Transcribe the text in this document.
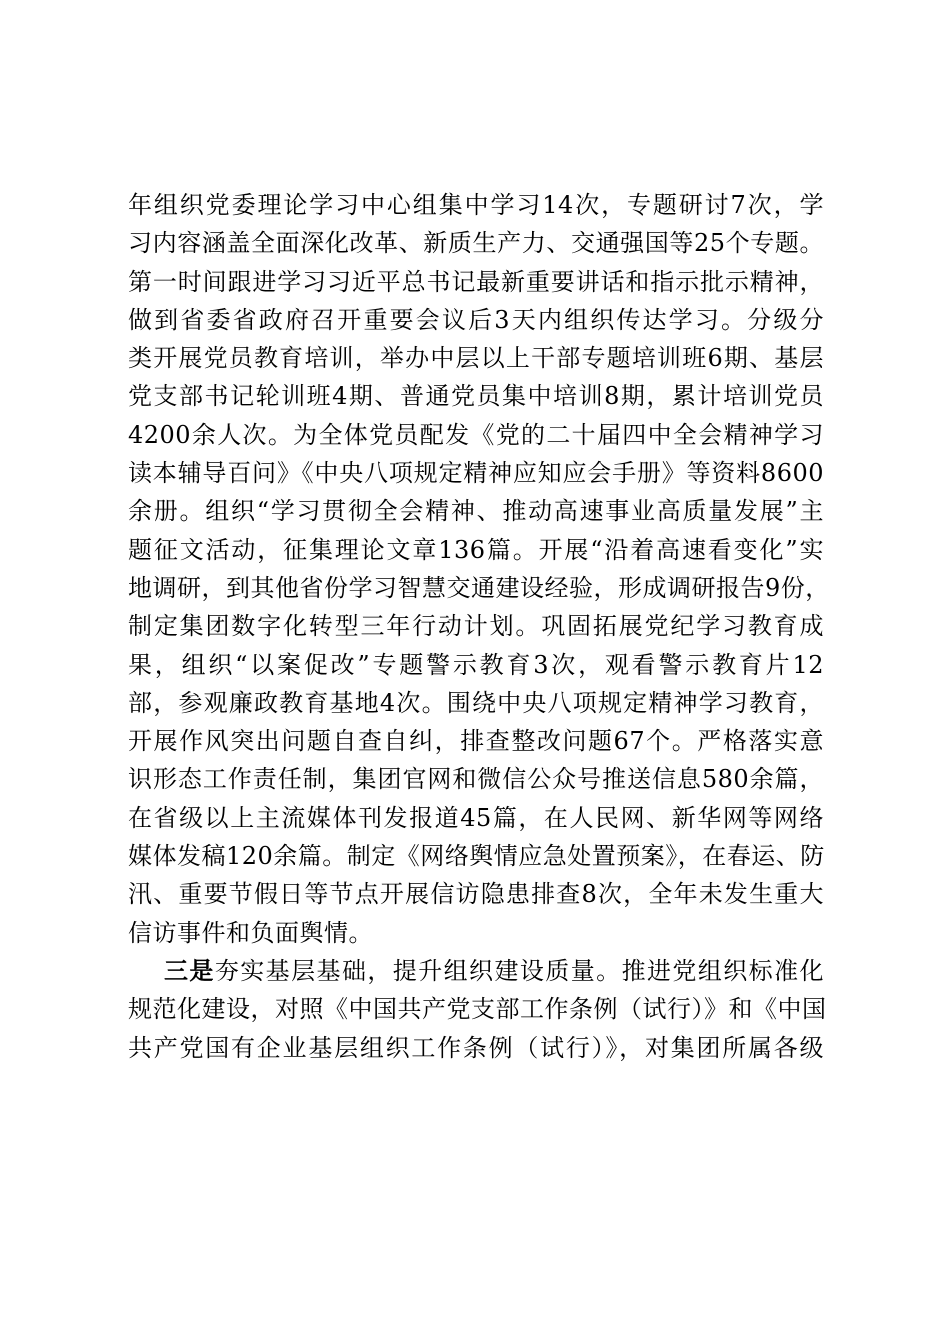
年组织党委理论学习中心组集中学习14次，专题研讨7次，学
习内容涵盖全面深化改革、新质生产力、交通强国等25个专题。
第一时间跟进学习习近平总书记最新重要讲话和指示批示精神，
做到省委省政府召开重要会议后3天内组织传达学习。分级分
类开展党员教育培训，举办中层以上干部专题培训班6期、基层
党支部书记轮训班4期、普通党员集中培训8期，累计培训党员
4200余人次。为全体党员配发《党的二十届四中全会精神学习
读本辅导百问》《中央八项规定精神应知应会手册》等资料8600
余册。组织“学习贯彻全会精神、推动高速事业高质量发展”主
题征文活动，征集理论文章136篇。开展“沿着高速看变化”实
地调研，到其他省份学习智慧交通建设经验，形成调研报告9份，
制定集团数字化转型三年行动计划。巩固拓展党纪学习教育成
果，组织“以案促改”专题警示教育3次，观看警示教育片12
部，参观廉政教育基地4次。围绕中央八项规定精神学习教育，
开展作风突出问题自查自纠，排查整改问题67个。严格落实意
识形态工作责任制，集团官网和微信公众号推送信息580余篇，
在省级以上主流媒体刊发报道45篇，在人民网、新华网等网络
媒体发稿120余篇。制定《网络舆情应急处置预案》，在春运、防
汛、重要节假日等节点开展信访隐患排查8次，全年未发生重大
信访事件和负面舆情。
三是夯实基层基础，提升组织建设质量。推进党组织标准化
规范化建设，对照《中国共产党支部工作条例（试行）》和《中国
共产党国有企业基层组织工作条例（试行）》，对集团所属各级
